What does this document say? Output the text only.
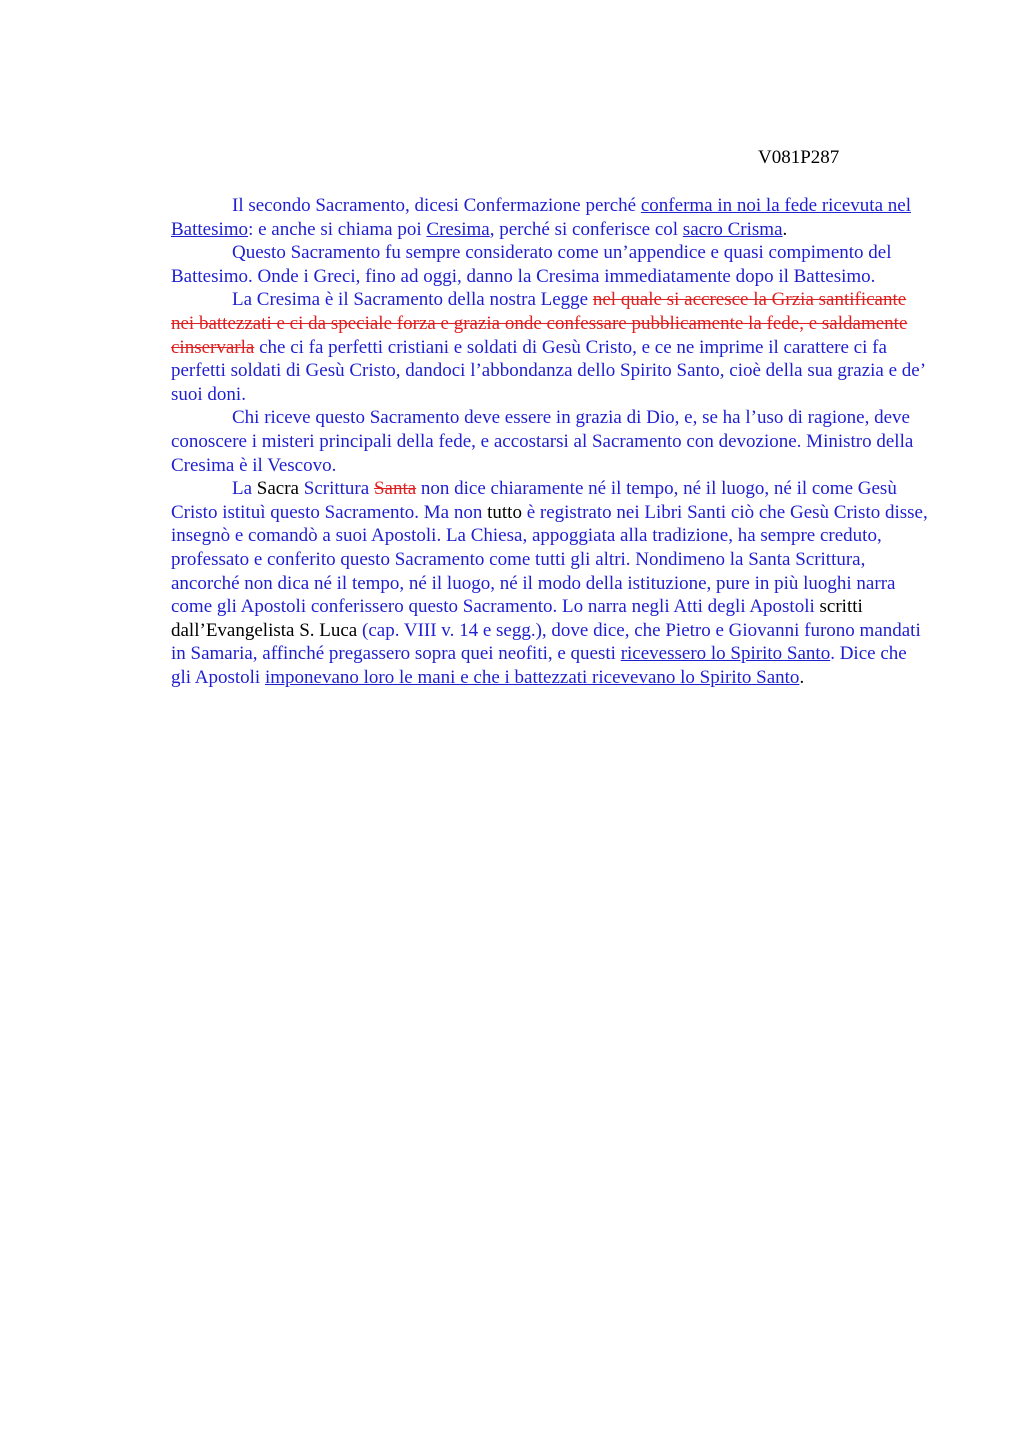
V081P287

Il secondo Sacramento, dicesi Confermazione perché conferma in noi la fede ricevuta nel Battesimo: e anche si chiama poi Cresima, perché si conferisce col sacro Crisma.

Questo Sacramento fu sempre considerato come un’appendice e quasi compimento del Battesimo. Onde i Greci, fino ad oggi, danno la Cresima immediatamente dopo il Battesimo.

La Cresima è il Sacramento della nostra Legge nel quale si accresce la Grzia santificante nei battezzati e ci da speciale forza e grazia onde confessare pubblicamente la fede, e saldamente cinservarla che ci fa perfetti cristiani e soldati di Gesù Cristo, e ce ne imprime il carattere ci fa perfetti soldati di Gesù Cristo, dandoci l’abbondanza dello Spirito Santo, cioè della sua grazia e de’ suoi doni.

Chi riceve questo Sacramento deve essere in grazia di Dio, e, se ha l’uso di ragione, deve conoscere i misteri principali della fede, e accostarsi al Sacramento con devozione. Ministro della Cresima è il Vescovo.

La Sacra Scrittura Santa non dice chiaramente né il tempo, né il luogo, né il come Gesù Cristo istituì questo Sacramento. Ma non tutto è registrato nei Libri Santi ciò che Gesù Cristo disse, insegnò e comandò a suoi Apostoli. La Chiesa, appoggiata alla tradizione, ha sempre creduto, professato e conferito questo Sacramento come tutti gli altri. Nondimeno la Santa Scrittura, ancorché non dica né il tempo, né il luogo, né il modo della istituzione, pure in più luoghi narra come gli Apostoli conferissero questo Sacramento. Lo narra negli Atti degli Apostoli scritti dall’Evangelista S. Luca (cap. VIII v. 14 e segg.), dove dice, che Pietro e Giovanni furono mandati in Samaria, affinché pregassero sopra quei neofiti, e questi ricevessero lo Spirito Santo. Dice che gli Apostoli imponevano loro le mani e che i battezzati ricevevano lo Spirito Santo.
